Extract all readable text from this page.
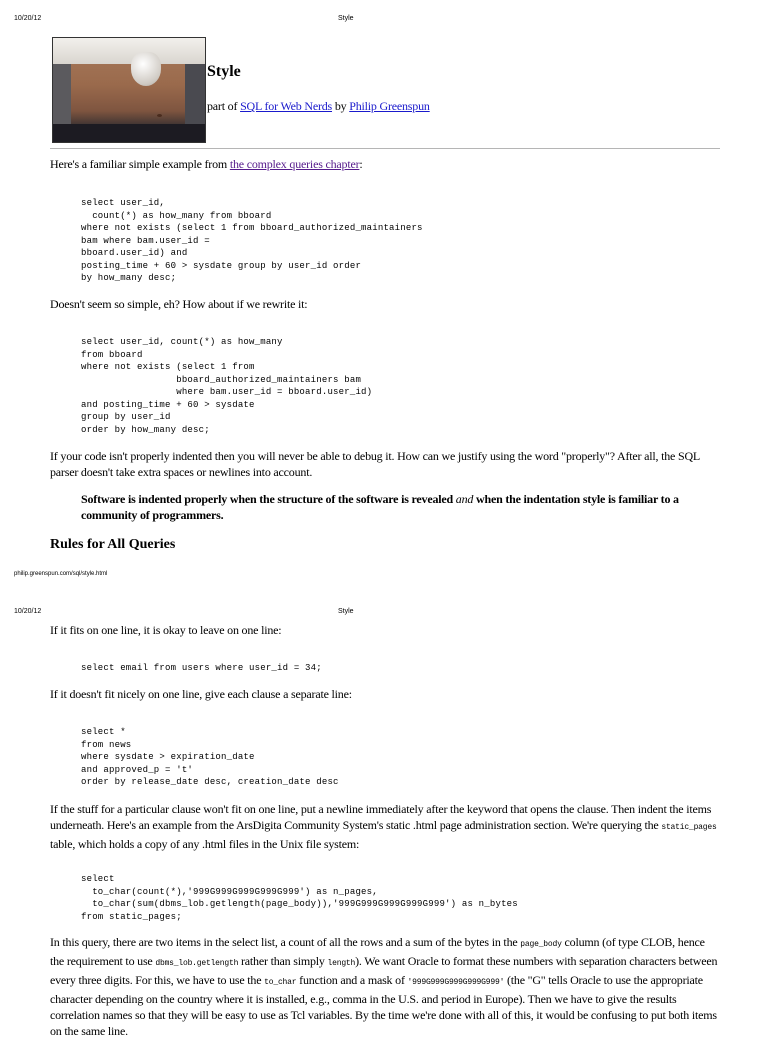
10/20/12	Style
Style
part of SQL for Web Nerds by Philip Greenspun
Here's a familiar simple example from the complex queries chapter:
select user_id,
count(*) as how_many from bboard
where not exists (select 1 from bboard_authorized_maintainers
bam where bam.user_id =
bboard.user_id) and
posting_time + 60 > sysdate group by user_id order
by how_many desc;
Doesn't seem so simple, eh? How about if we rewrite it:
select user_id, count(*) as how_many
from bboard
where not exists (select 1 from
bboard_authorized_maintainers bam
where bam.user_id = bboard.user_id)
and posting_time + 60 > sysdate
group by user_id
order by how_many desc;
If your code isn't properly indented then you will never be able to debug it. How can we justify using the word "properly"? After all, the SQL parser doesn't take extra spaces or newlines into account.
Software is indented properly when the structure of the software is revealed and when the indentation style is familiar to a community of programmers.
Rules for All Queries
philip.greenspun.com/sql/style.html
10/20/12	Style
If it fits on one line, it is okay to leave on one line:
select email from users where user_id = 34;
If it doesn't fit nicely on one line, give each clause a separate line:
select *
from news
where sysdate > expiration_date
and approved_p = 't'
order by release_date desc, creation_date desc
If the stuff for a particular clause won't fit on one line, put a newline immediately after the keyword that opens the clause. Then indent the items underneath. Here's an example from the ArsDigita Community System's static .html page administration section. We're querying the static_pages table, which holds a copy of any .html files in the Unix file system:
select
to_char(count(*),'999G999G999G999G999') as n_pages,
to_char(sum(dbms_lob.getlength(page_body)),'999G999G999G999G999') as n_bytes
from static_pages;
In this query, there are two items in the select list, a count of all the rows and a sum of the bytes in the page_body column (of type CLOB, hence the requirement to use dbms_lob.getlength rather than simply length). We want Oracle to format these numbers with separation characters between every three digits. For this, we have to use the to_char function and a mask of '999G999G999G999G999' (the "G" tells Oracle to use the appropriate character depending on the country where it is installed, e.g., comma in the U.S. and period in Europe). Then we have to give the results correlation names so that they will be easy to use as Tcl variables. By the time we're done with all of this, it would be confusing to put both items on the same line.
